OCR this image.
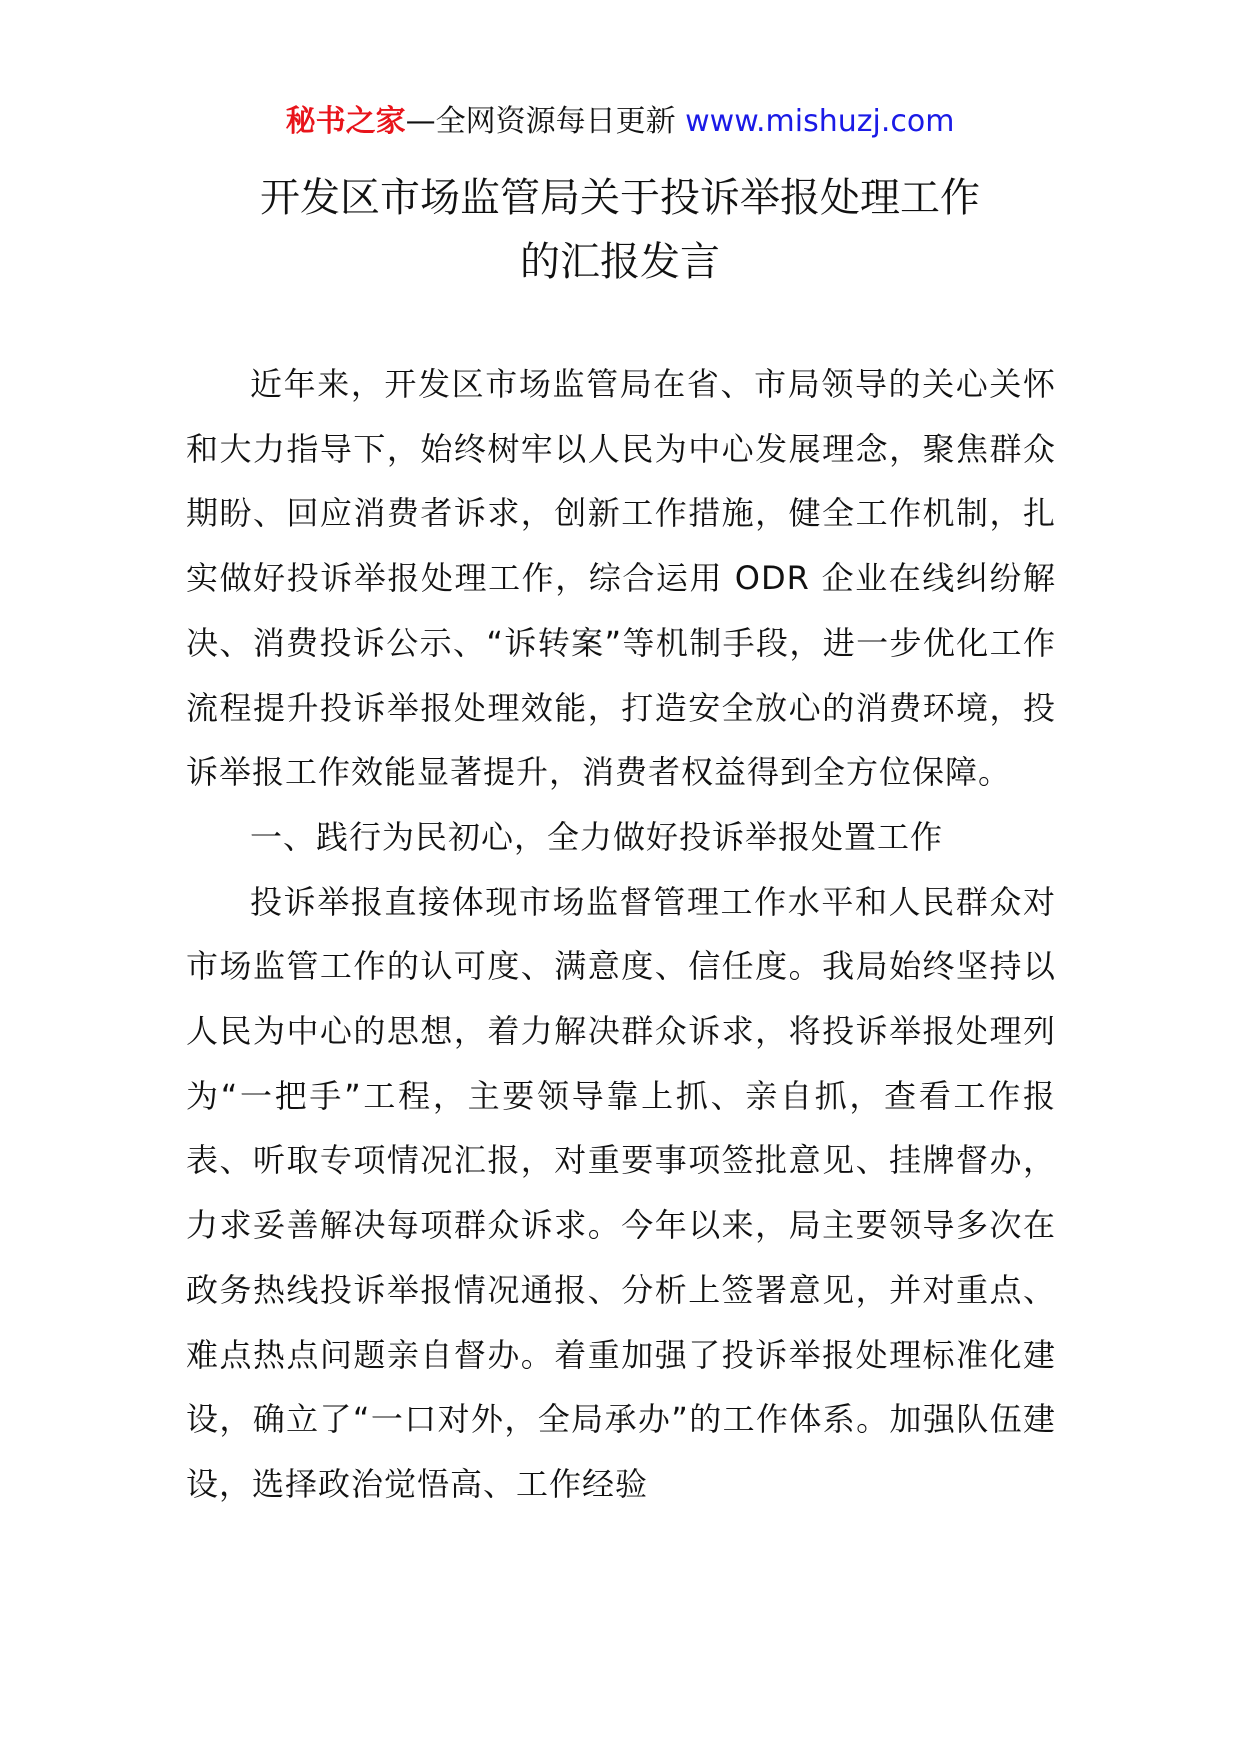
秘书之家—全网资源每日更新 www.mishuzj.com
开发区市场监管局关于投诉举报处理工作
的汇报发言

近年来，开发区市场监管局在省、市局领导的关心关怀和大力指导下，始终树牢以人民为中心发展理念，聚焦群众期盼、回应消费者诉求，创新工作措施，健全工作机制，扎实做好投诉举报处理工作，综合运用 ODR 企业在线纠纷解决、消费投诉公示、“诉转案”等机制手段，进一步优化工作流程提升投诉举报处理效能，打造安全放心的消费环境，投诉举报工作效能显著提升，消费者权益得到全方位保障。

一、践行为民初心，全力做好投诉举报处置工作

投诉举报直接体现市场监督管理工作水平和人民群众对市场监管工作的认可度、满意度、信任度。我局始终坚持以人民为中心的思想，着力解决群众诉求，将投诉举报处理列为“一把手”工程，主要领导靠上抓、亲自抓，查看工作报表、听取专项情况汇报，对重要事项签批意见、挂牌督办，力求妥善解决每项群众诉求。今年以来，局主要领导多次在政务热线投诉举报情况通报、分析上签署意见，并对重点、难点热点问题亲自督办。着重加强了投诉举报处理标准化建设，确立了“一口对外，全局承办”的工作体系。加强队伍建设，选择政治觉悟高、工作经验
